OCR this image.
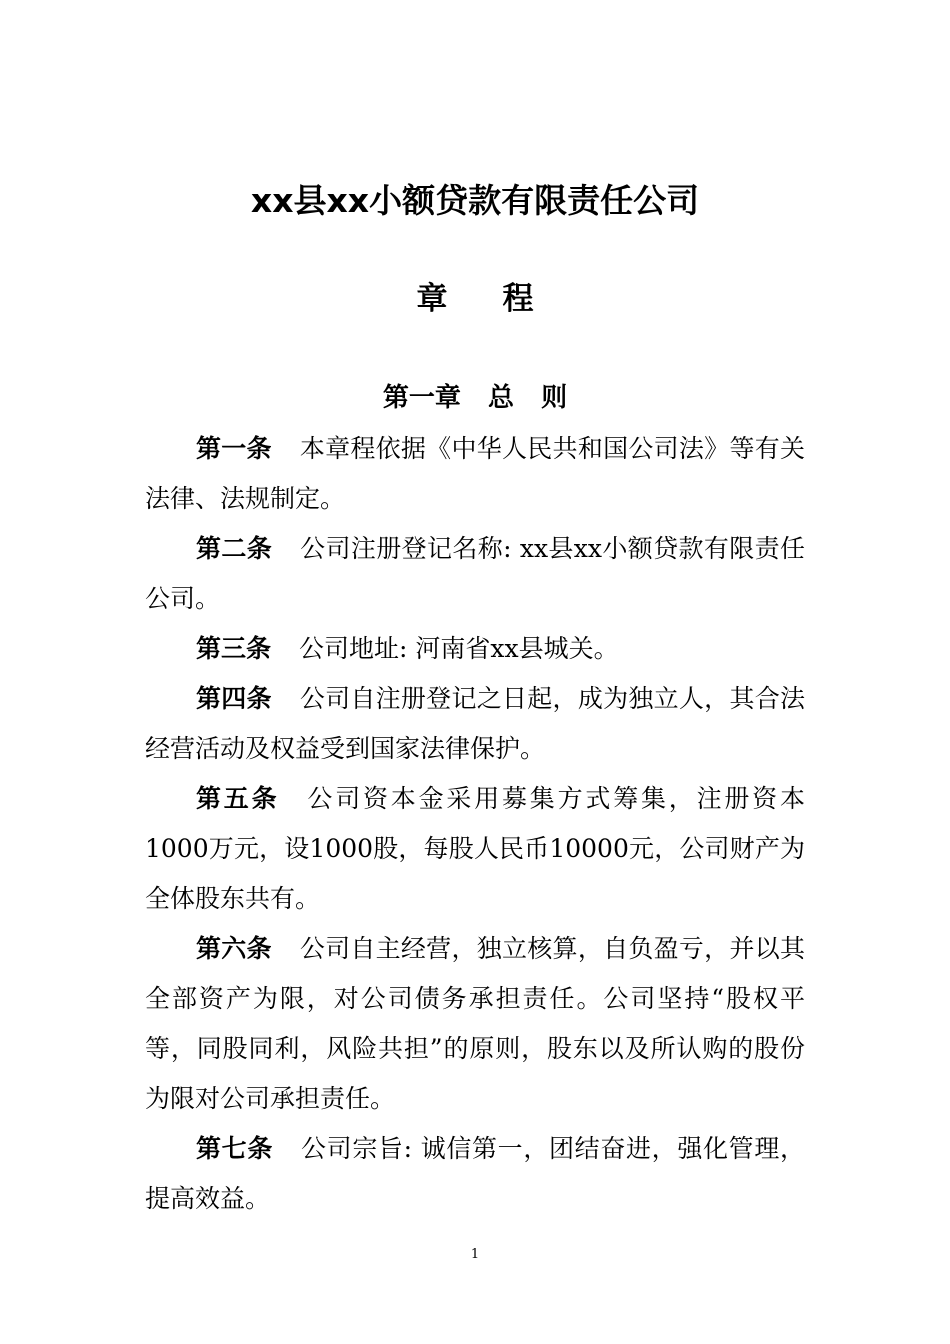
xx县xx小额贷款有限责任公司
章程
第一章   总   则

第一条 本章程依据《中华人民共和国公司法》等有关法律、法规制定。

第二条 公司注册登记名称: xx县xx小额贷款有限责任公司。

第三条 公司地址: 河南省xx县城关。

第四条 公司自注册登记之日起，成为独立人，其合法经营活动及权益受到国家法律保护。

第五条 公司资本金采用募集方式筹集，注册资本1000万元，设1000股，每股人民币10000元，公司财产为全体股东共有。

第六条 公司自主经营，独立核算，自负盈亏，并以其全部资产为限，对公司债务承担责任。公司坚持“股权平等，同股同利，风险共担”的原则，股东以及所认购的股份为限对公司承担责任。

第七条 公司宗旨: 诚信第一，团结奋进，强化管理，提高效益。

1
